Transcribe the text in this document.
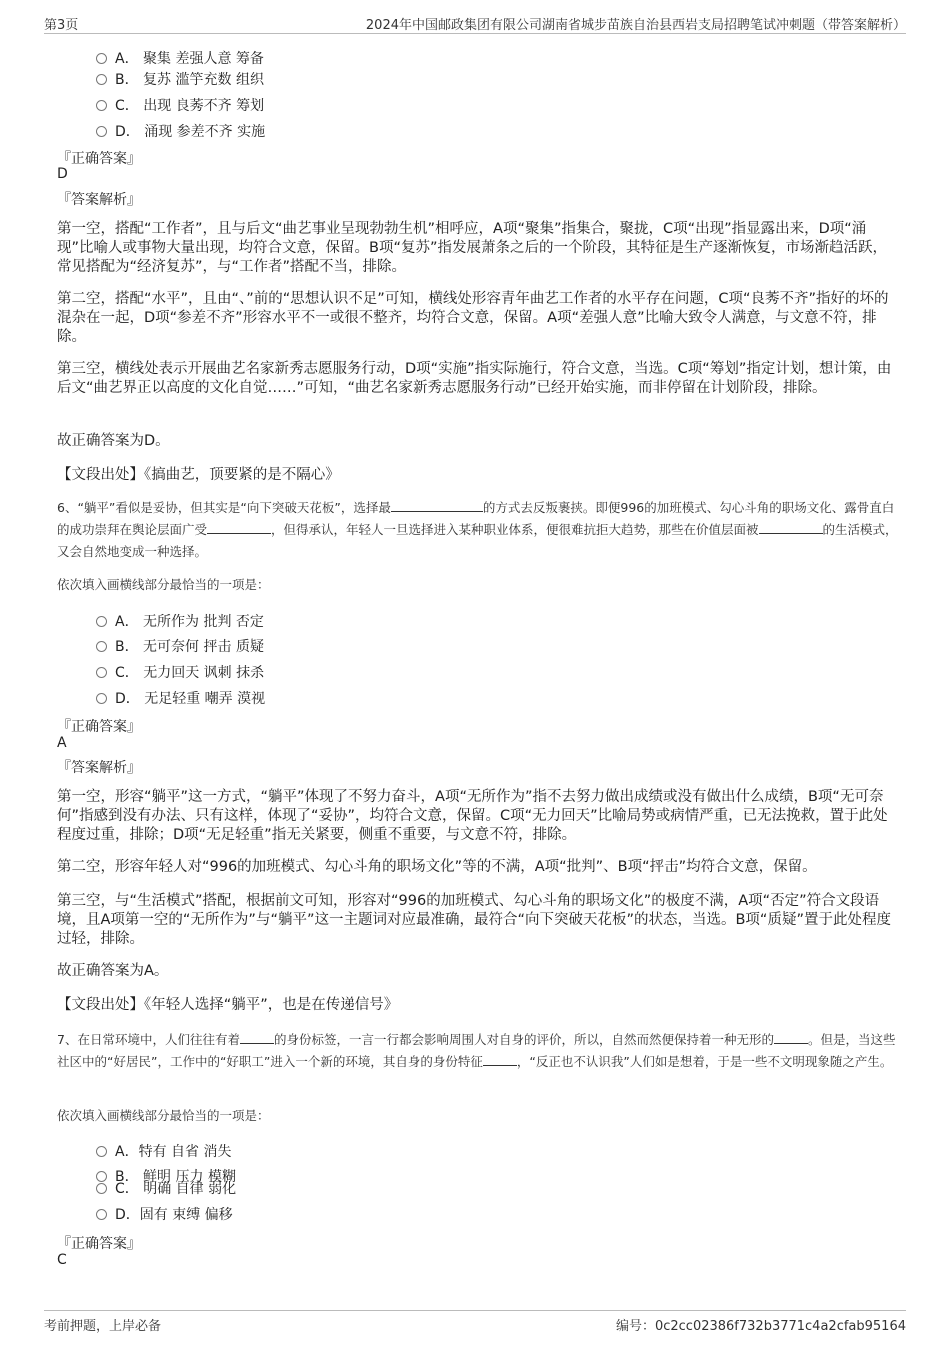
第3页	2024年中国邮政集团有限公司湖南省城步苗族自治县西岩支局招聘笔试冲刺题（带答案解析）
A． 聚集 差强人意 筹备
B． 复苏 滥竽充数 组织
C． 出现 良莠不齐 筹划
D． 涌现 参差不齐 实施
『正确答案』
D
『答案解析』
第一空，搭配“工作者”，且与后文“曲艺事业呈现勃勃生机”相呼应，A项“聚集”指集合，聚拢，C项“出现”指显露出来，D项“涌现”比喻人或事物大量出现，均符合文意，保留。B项“复苏”指发展萧条之后的一个阶段，其特征是生产逐渐恢复，市场渐趋活跃，常见搭配为“经济复苏”，与“工作者”搭配不当，排除。
第二空，搭配“水平”，且由“、”前的“思想认识不足”可知，横线处形容青年曲艺工作者的水平存在问题，C项“良莠不齐”指好的坏的混杂在一起，D项“参差不齐”形容水平不一或很不整齐，均符合文意，保留。A项“差强人意”比喻大致令人满意，与文意不符，排除。
第三空，横线处表示开展曲艺名家新秀志愿服务行动，D项“实施”指实际施行，符合文意，当选。C项“筹划”指定计划，想计策，由后文“曲艺界正以高度的文化自觉……”可知，“曲艺名家新秀志愿服务行动”已经开始实施，而非停留在计划阶段，排除。
故正确答案为D。
【文段出处】《搞曲艺，顶要紧的是不隔心》
6、“躺平”看似是妥协，但其实是“向下突破天花板”，选择最	的方式去反叛裹挟。即便996的加班模式、勾心斗角的职场文化、露骨直白的成功崇拜在舆论层面广受	，但得承认，年轻人一旦选择进入某种职业体系，便很难抗拒大趋势，那些在价值层面被	的生活模式，又会自然地变成一种选择。
依次填入画横线部分最恰当的一项是：
A． 无所作为 批判 否定
B． 无可奈何 抨击 质疑
C． 无力回天 讽刺 抹杀
D． 无足轻重 嘲弄 漠视
『正确答案』
A
『答案解析』
第一空，形容“躺平”这一方式，“躺平”体现了不努力奋斗，A项“无所作为”指不去努力做出成绩或没有做出什么成绩，B项“无可奈何”指感到没有办法、只有这样，体现了“妥协”，均符合文意，保留。C项“无力回天”比喻局势或病情严重，已无法挽救，置于此处程度过重，排除；D项“无足轻重”指无关紧要，侧重不重要，与文意不符，排除。
第二空，形容年轻人对“996的加班模式、勾心斗角的职场文化”等的不满，A项“批判”、B项“抨击”均符合文意，保留。
第三空，与“生活模式”搭配，根据前文可知，形容对“996的加班模式、勾心斗角的职场文化”的极度不满，A项“否定”符合文段语境，且A项第一空的“无所作为”与“躺平”这一主题词对应最准确，最符合“向下突破天花板”的状态，当选。B项“质疑”置于此处程度过轻，排除。
故正确答案为A。
【文段出处】《年轻人选择“躺平”，也是在传递信号》
7、在日常环境中，人们往往有着	的身份标签，一言一行都会影响周围人对自身的评价，所以，自然而然便保持着一种无形的	。但是，当这些社区中的“好居民”，工作中的“好职工”进入一个新的环境，其自身的身份特征	，“反正也不认识我”人们如是想着，于是一些不文明现象随之产生。
依次填入画横线部分最恰当的一项是：
A．特有 自省 消失
B． 鲜明 压力 模糊
C． 明确 自律 弱化
D．固有 束缚 偏移
『正确答案』
C
考前押题，上岸必备	编号：0c2cc02386f732b3771c4a2cfab95164
